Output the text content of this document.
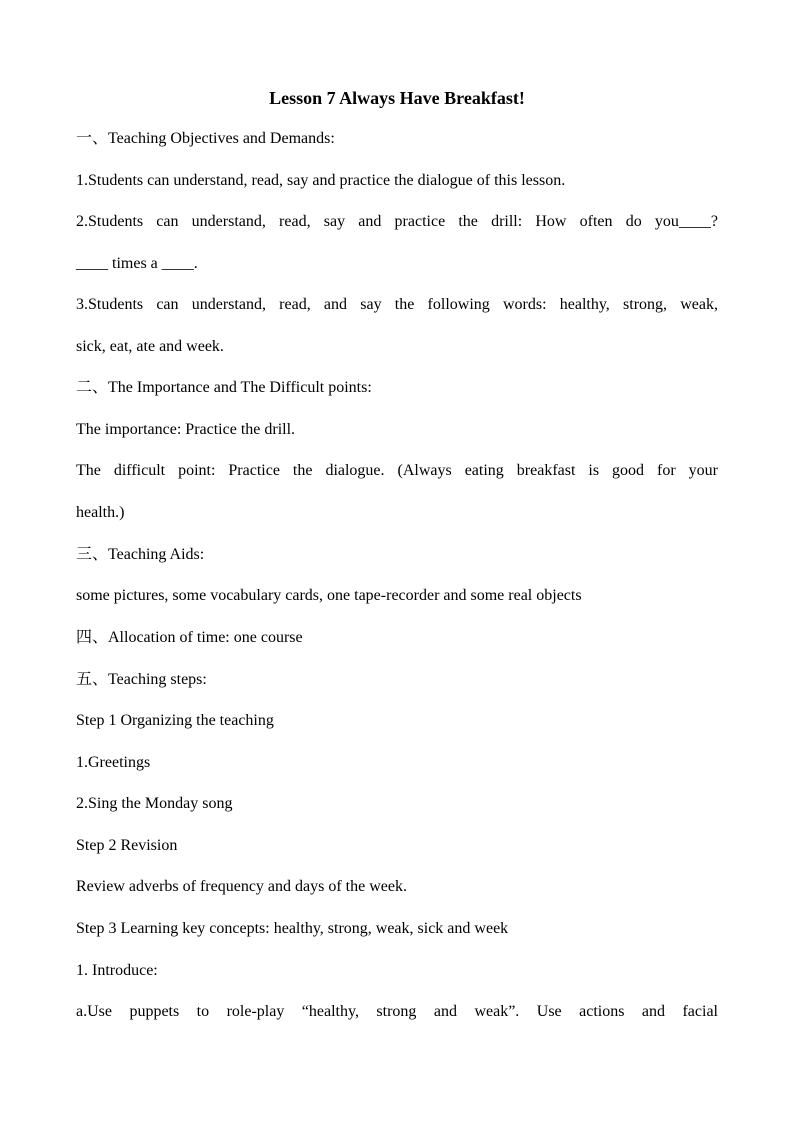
Lesson 7 Always Have Breakfast!
一、Teaching Objectives and Demands:
1.Students can understand, read, say and practice the dialogue of this lesson.
2.Students can understand, read, say and practice the drill: How often do you____?
____ times a ____.
3.Students can understand, read, and say the following words: healthy, strong, weak,
sick, eat, ate and week.
二、The Importance and The Difficult points:
The importance: Practice the drill.
The difficult point: Practice the dialogue. (Always eating breakfast is good for your
health.)
三、Teaching Aids:
some pictures, some vocabulary cards, one tape-recorder and some real objects
四、Allocation of time: one course
五、Teaching steps:
Step 1 Organizing the teaching
1.Greetings
2.Sing the Monday song
Step 2 Revision
Review adverbs of frequency and days of the week.
Step 3 Learning key concepts: healthy, strong, weak, sick and week
1. Introduce:
a.Use puppets to role-play “healthy, strong and weak”. Use actions and facial
